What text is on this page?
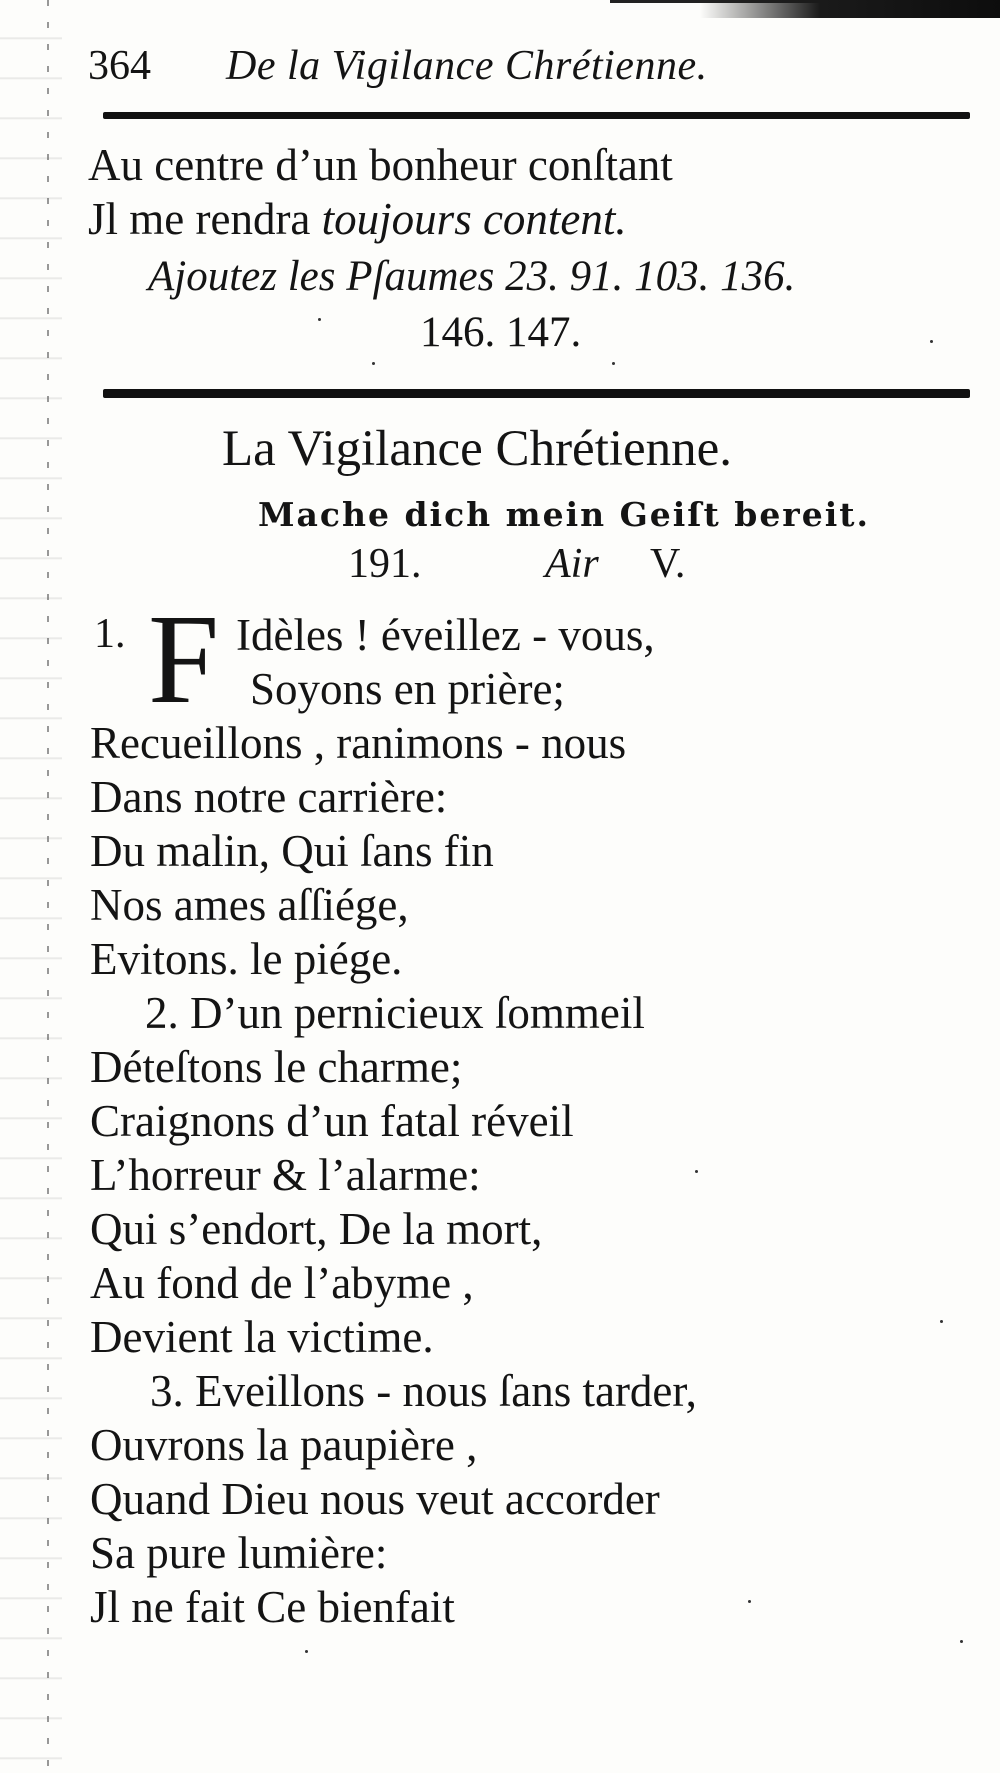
364 De la Vigilance Chrétienne.
Au centre d’un bonheur conſtant
Jl me rendra toujours content.
Ajoutez les Pſaumes 23. 91. 103. 136.
146. 147.
La Vigilance Chrétienne.
Mache dich mein Geiſt bereit.
191.	Air V.
1. F Idèles ! éveillez - vous,
Soyons en prière;
Recueillons , ranimons - nous
Dans notre carrière:
Du malin, Qui ſans fin
Nos ames aſſiége,
Evitons. le piége.
2. D’un pernicieux ſommeil
Déteſtons le charme;
Craignons d’un fatal réveil
L’horreur & l’alarme:
Qui s’endort, De la mort,
Au fond de l’abyme ,
Devient la victime.
3. Eveillons - nous ſans tarder,
Ouvrons la paupière ,
Quand Dieu nous veut accorder
Sa pure lumière:
Jl ne fait Ce bienfait
